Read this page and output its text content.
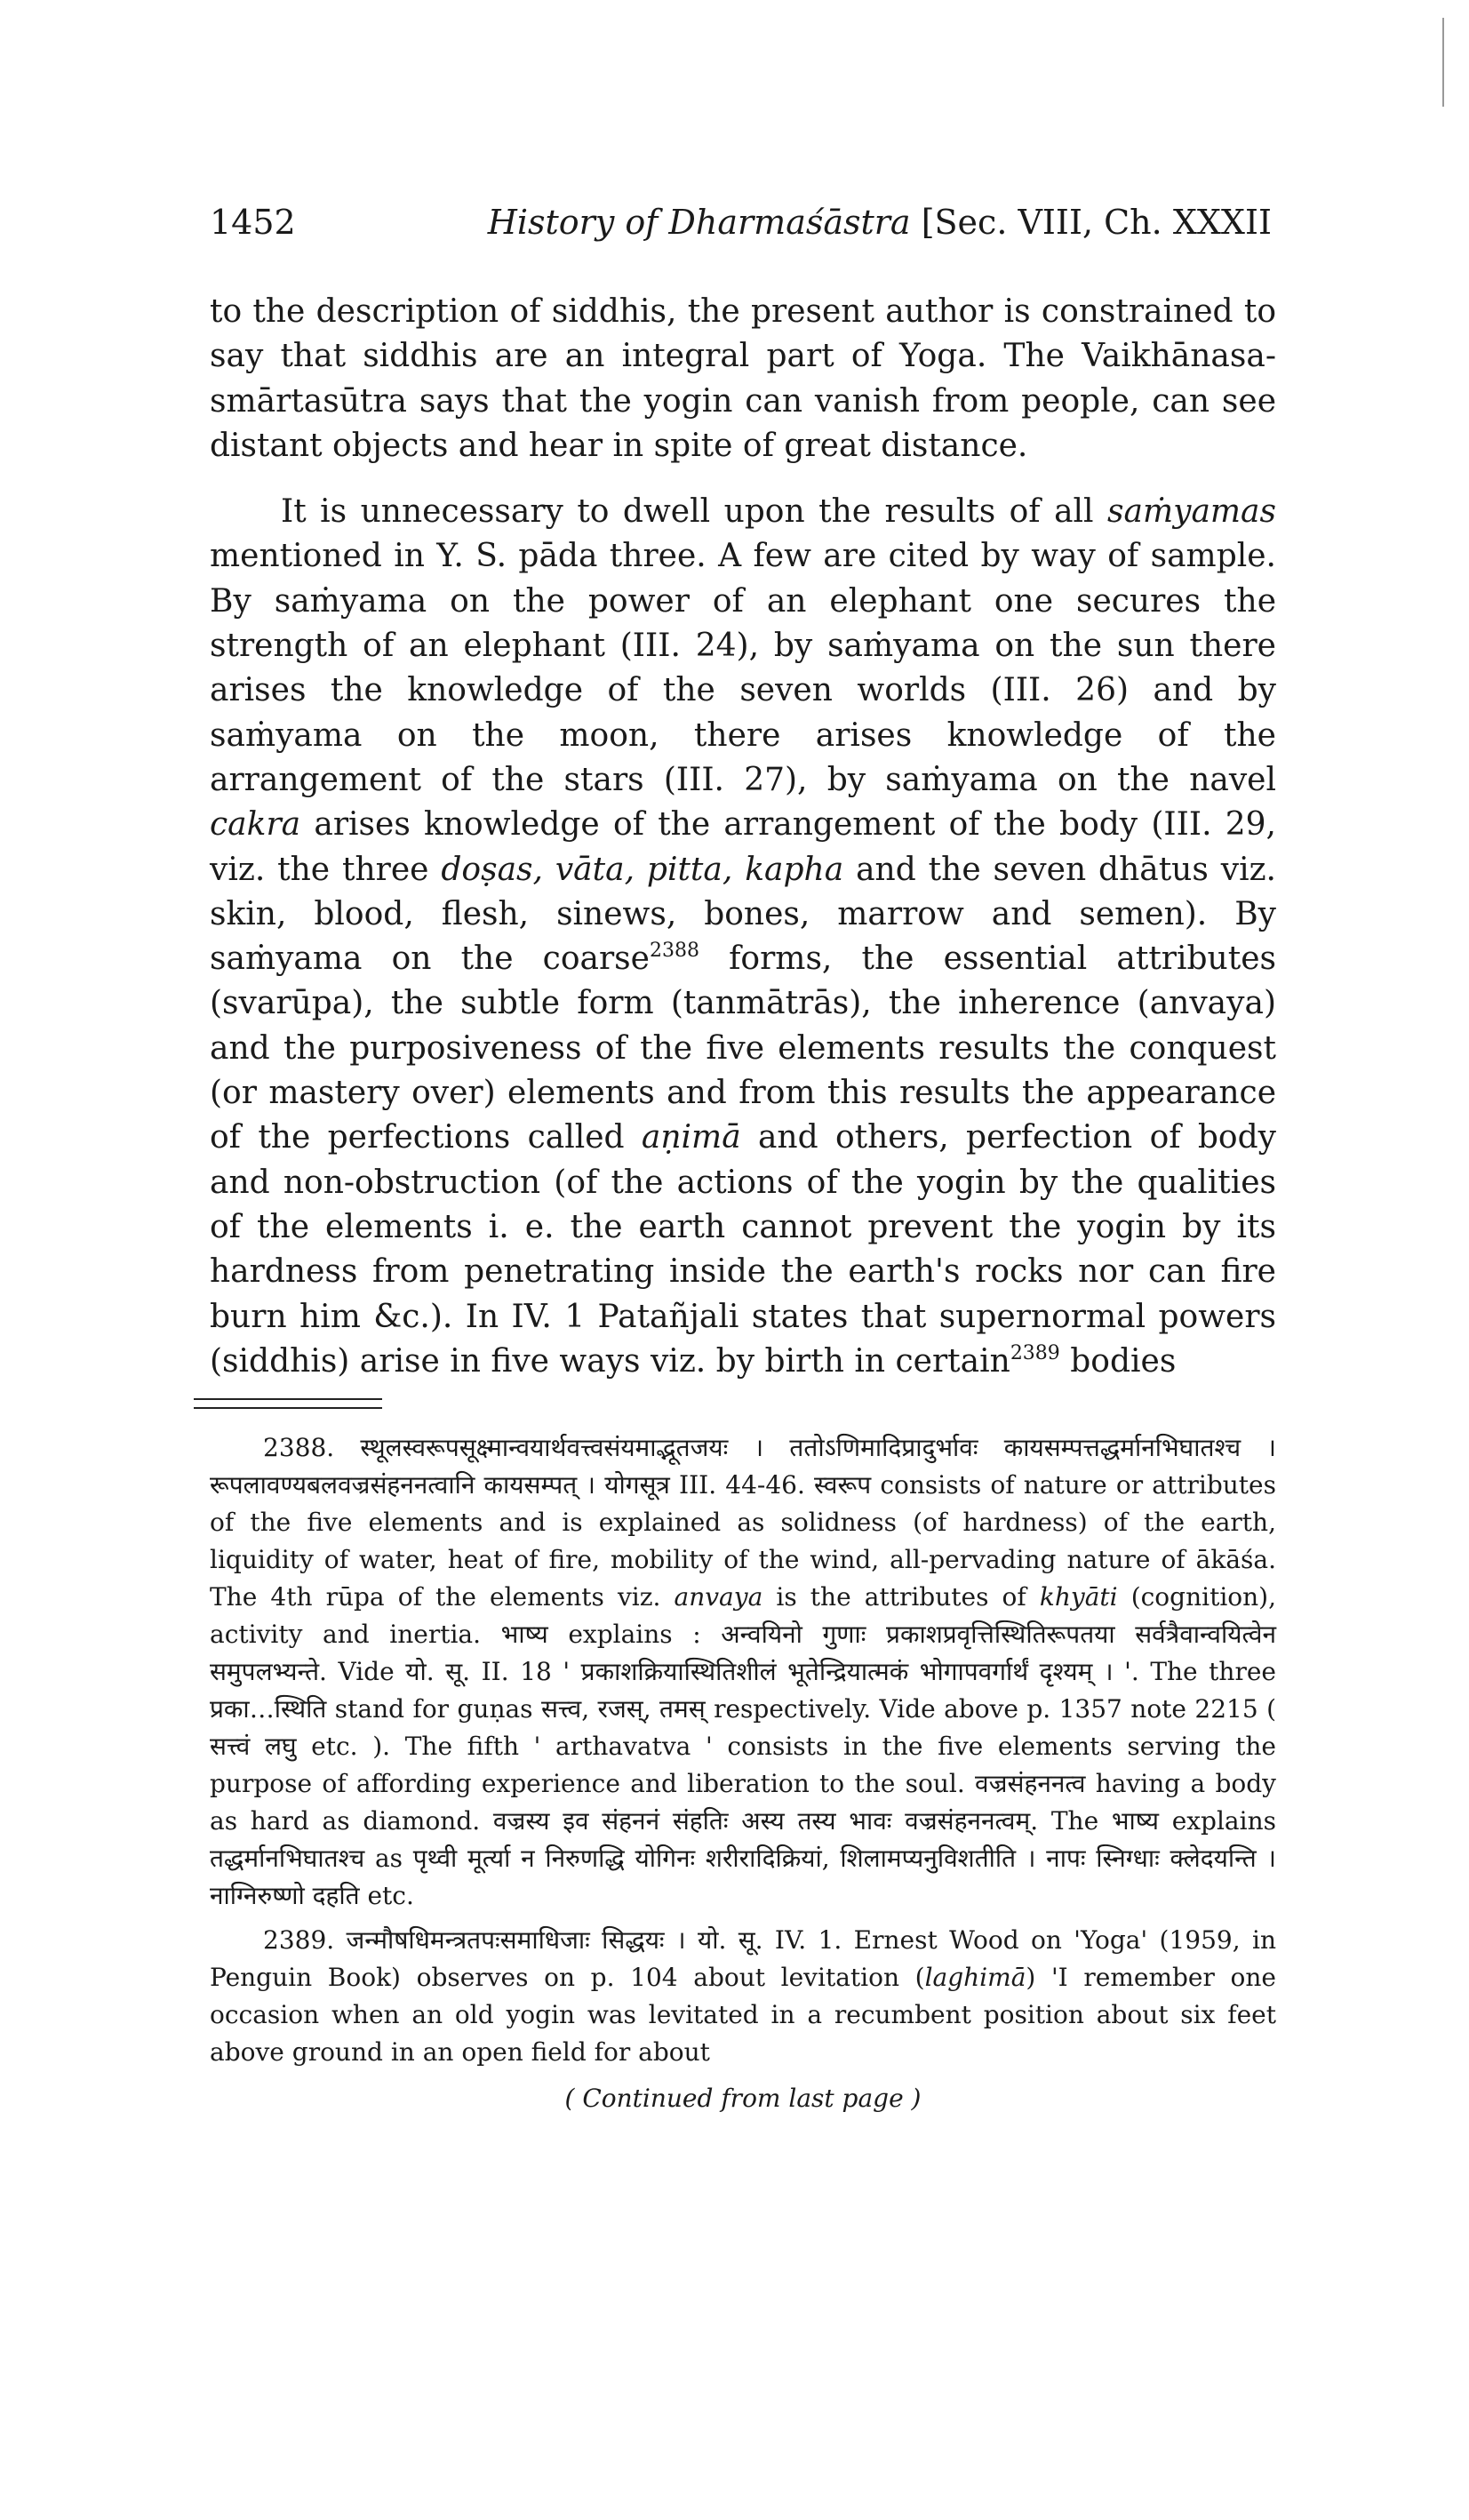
1452	History of Dharmaśāstra [Sec. VIII, Ch. XXXII

to the description of siddhis, the present author is constrained to say that siddhis are an integral part of Yoga. The Vaikhānasa-smārtasūtra says that the yogin can vanish from people, can see distant objects and hear in spite of great distance.

It is unnecessary to dwell upon the results of all saṁyamas mentioned in Y. S. pāda three. A few are cited by way of sample. By saṁyama on the power of an elephant one secures the strength of an elephant (III. 24), by saṁyama on the sun there arises the knowledge of the seven worlds (III. 26) and by saṁyama on the moon, there arises knowledge of the arrangement of the stars (III. 27), by saṁyama on the navel cakra arises knowledge of the arrangement of the body (III. 29, viz. the three doṣas, vāta, pitta, kapha and the seven dhātus viz. skin, blood, flesh, sinews, bones, marrow and semen). By saṁyama on the coarse$^{2388}$ forms, the essential attributes (svarūpa), the subtle form (tanmātrās), the inherence (anvaya) and the purposiveness of the five elements results the conquest (or mastery over) elements and from this results the appearance of the perfections called aṇimā and others, perfection of body and non-obstruction (of the actions of the yogin by the qualities of the elements i. e. the earth cannot prevent the yogin by its hardness from penetrating inside the earth's rocks nor can fire burn him &c.). In IV. 1 Patañjali states that supernormal powers (siddhis) arise in five ways viz. by birth in certain$^{2389}$ bodies

2388. स्थूलस्वरूपसूक्ष्मान्वयार्थवत्त्वसंयमाद्भूतजयः । ततोऽणिमादिप्रादुर्भावः कायसम्पत्तद्धर्मानभिघातश्च । रूपलावण्यबलवज्रसंहननत्वानि कायसम्पत् । योगसूत्र III. 44-46. स्वरूप consists of nature or attributes of the five elements and is explained as solidness (of hardness) of the earth, liquidity of water, heat of fire, mobility of the wind, all-pervading nature of ākāśa. The 4th rūpa of the elements viz. anvaya is the attributes of khyāti (cognition), activity and inertia. भाष्य explains : अन्वयिनो गुणाः प्रकाशप्रवृत्तिस्थितिरूपतया सर्वत्रैवान्वयित्वेन समुपलभ्यन्ते. Vide यो. सू. II. 18 ' प्रकाशक्रियास्थितिशीलं भूतेन्द्रियात्मकं भोगापवर्गार्थं दृश्यम् । '. The three प्रका…स्थिति stand for guṇas सत्त्व, रजस्, तमस् respectively. Vide above p. 1357 note 2215 ( सत्त्वं लघु etc. ). The fifth ' arthavatva ' consists in the five elements serving the purpose of affording experience and liberation to the soul. वज्रसंहननत्व having a body as hard as diamond. वज्रस्य इव संहननं संहतिः अस्य तस्य भावः वज्रसंहननत्वम्. The भाष्य explains तद्धर्मानभिघातश्च as पृथ्वी मूर्त्या न निरुणद्धि योगिनः शरीरादिक्रियां, शिलामप्यनुविशतीति । नापः स्निग्धाः क्लेदयन्ति । नाग्निरुष्णो दहति etc.

2389. जन्मौषधिमन्त्रतपःसमाधिजाः सिद्धयः । यो. सू. IV. 1. Ernest Wood on 'Yoga' (1959, in Penguin Book) observes on p. 104 about levitation (laghimā) 'I remember one occasion when an old yogin was levitated in a recumbent position about six feet above ground in an open field for about

( Continued from last page )
